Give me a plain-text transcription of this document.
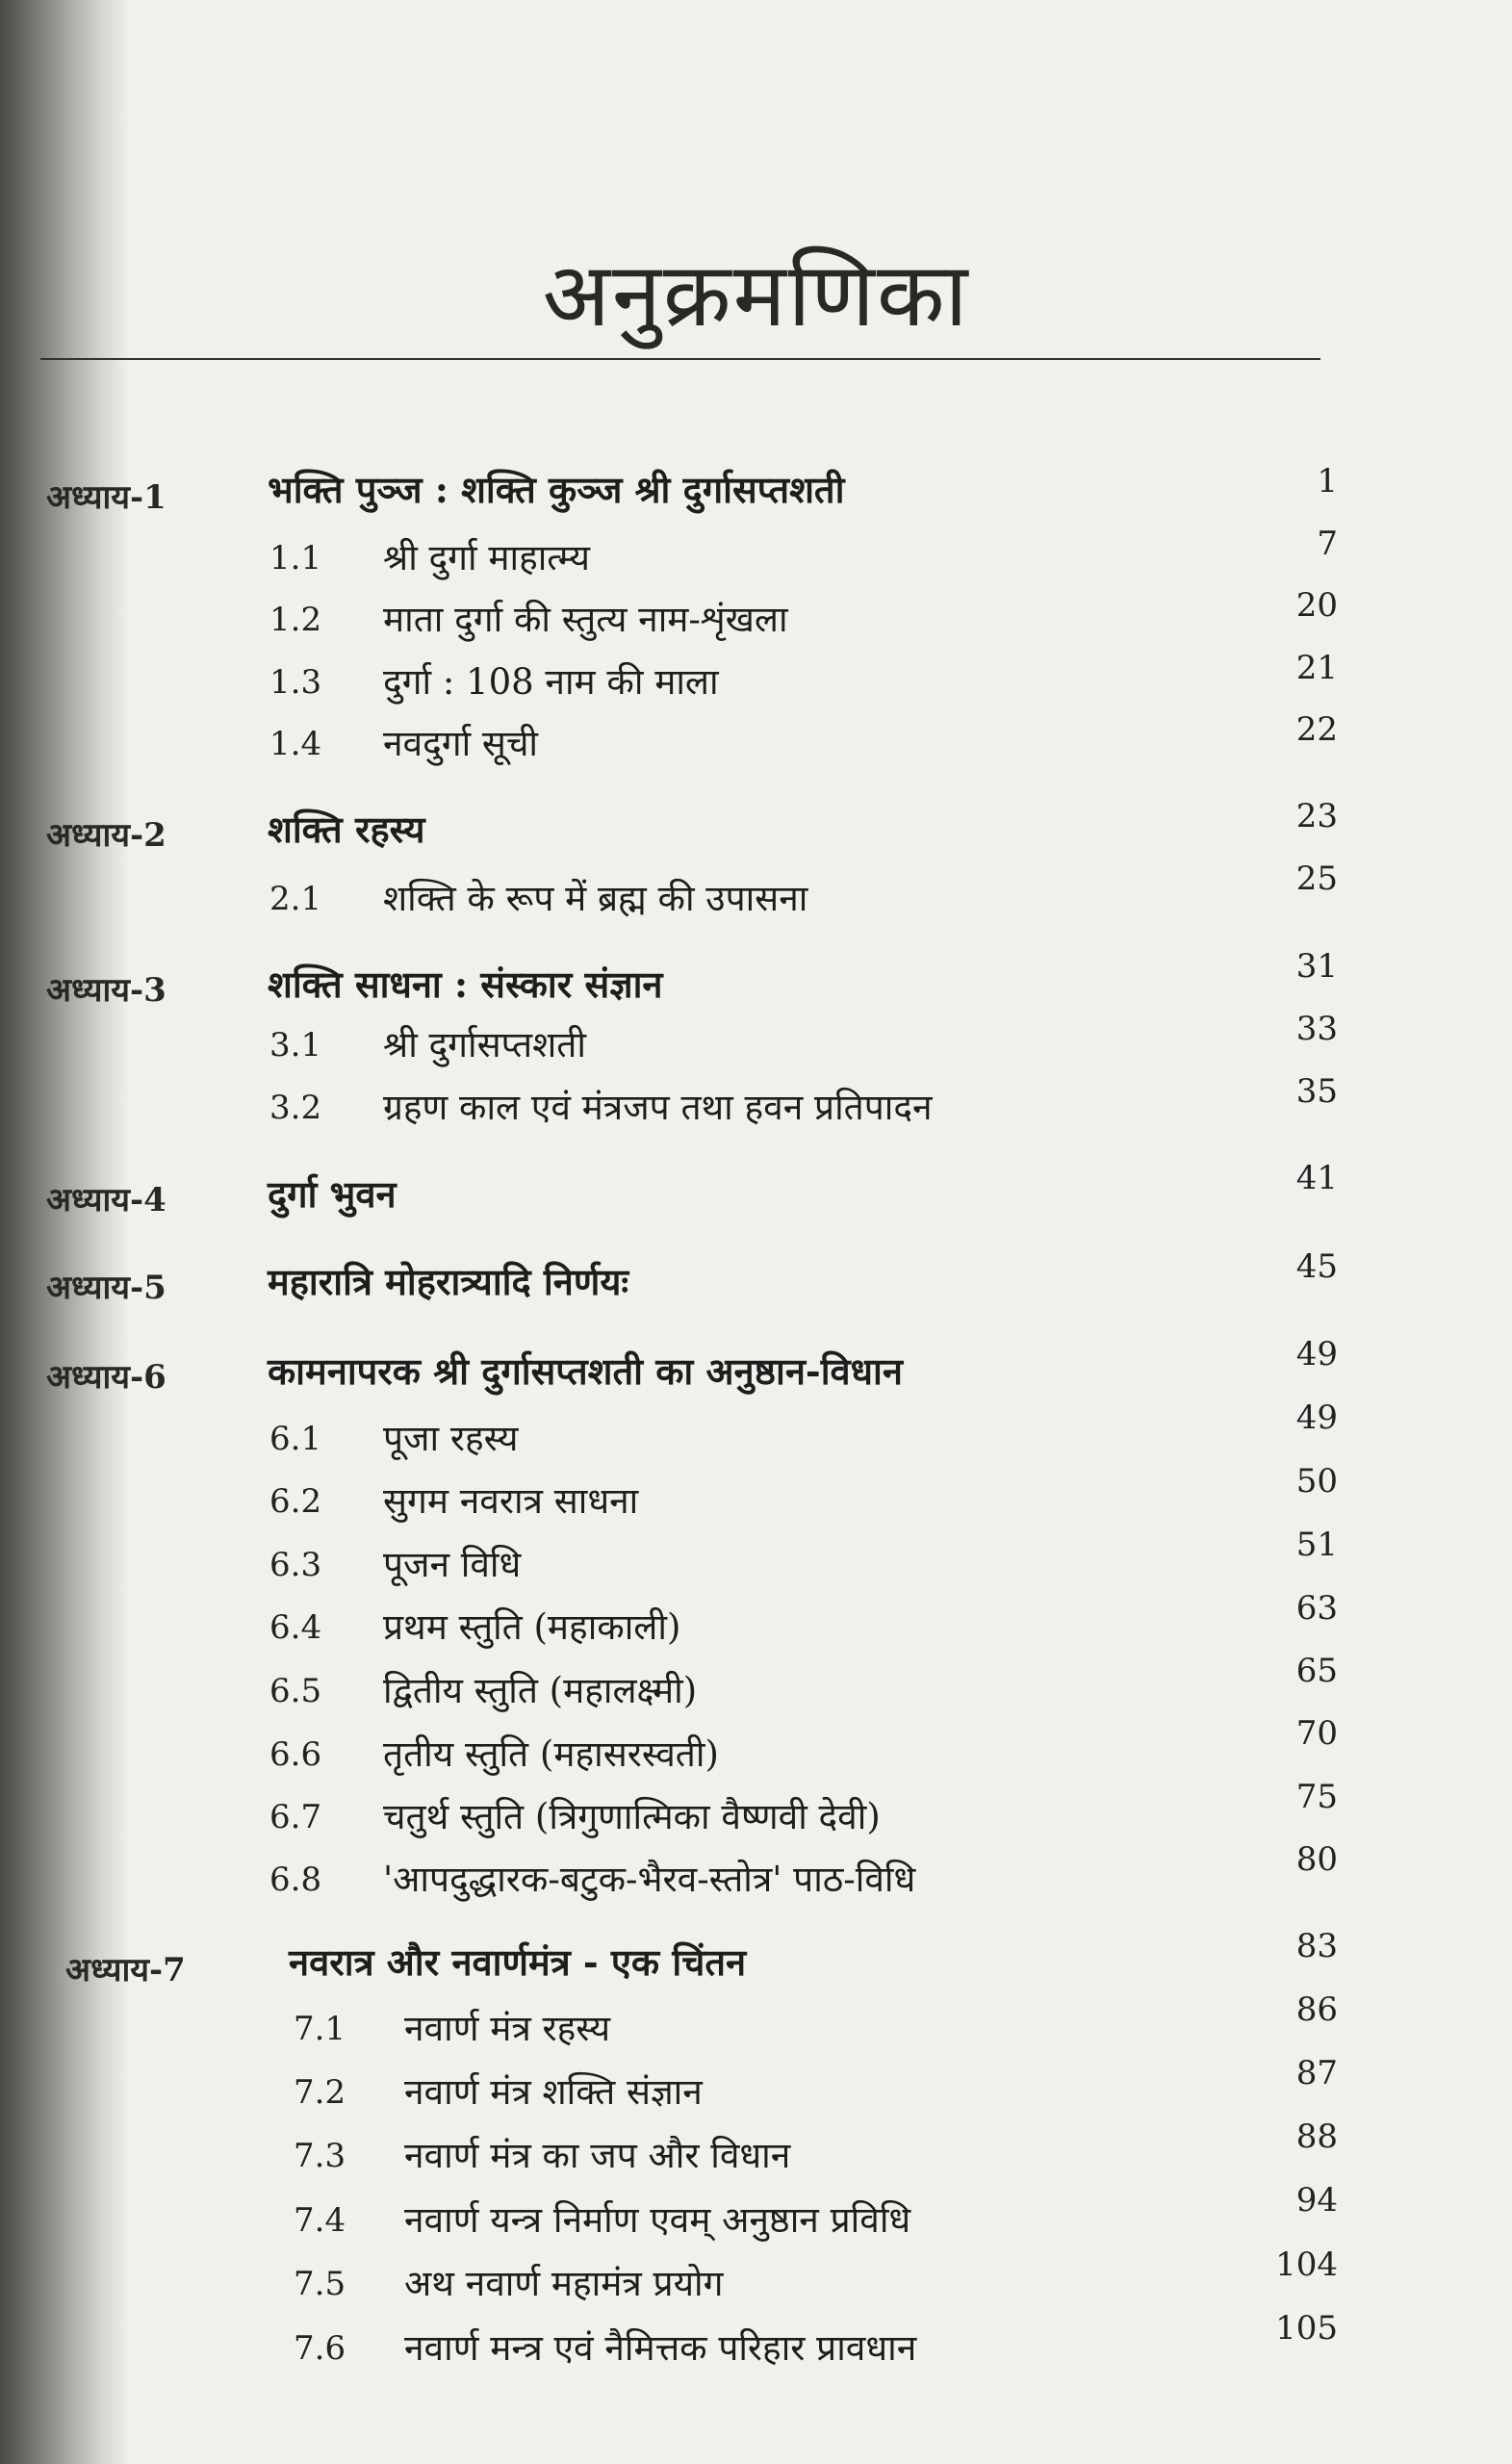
अनुक्रमणिका
अध्याय-1	भक्ति पुञ्ज : शक्ति कुञ्ज श्री दुर्गासप्तशती	1
1.1	श्री दुर्गा माहात्म्य	7
1.2	माता दुर्गा की स्तुत्य नाम-शृंखला	20
1.3	दुर्गा : 108 नाम की माला	21
1.4	नवदुर्गा सूची	22
अध्याय-2	शक्ति रहस्य	23
2.1	शक्ति के रूप में ब्रह्म की उपासना	25
अध्याय-3	शक्ति साधना : संस्कार संज्ञान	31
3.1	श्री दुर्गासप्तशती	33
3.2	ग्रहण काल एवं मंत्रजप तथा हवन प्रतिपादन	35
अध्याय-4	दुर्गा भुवन	41
अध्याय-5	महारात्रि मोहरात्र्यादि निर्णयः	45
अध्याय-6	कामनापरक श्री दुर्गासप्तशती का अनुष्ठान-विधान	49
6.1	पूजा रहस्य	49
6.2	सुगम नवरात्र साधना	50
6.3	पूजन विधि	51
6.4	प्रथम स्तुति (महाकाली)	63
6.5	द्वितीय स्तुति (महालक्ष्मी)	65
6.6	तृतीय स्तुति (महासरस्वती)	70
6.7	चतुर्थ स्तुति (त्रिगुणात्मिका वैष्णवी देवी)	75
6.8	'आपदुद्धारक-बटुक-भैरव-स्तोत्र' पाठ-विधि	80
अध्याय-7	नवरात्र और नवार्णमंत्र - एक चिंतन	83
7.1	नवार्ण मंत्र रहस्य	86
7.2	नवार्ण मंत्र शक्ति संज्ञान	87
7.3	नवार्ण मंत्र का जप और विधान	88
7.4	नवार्ण यन्त्र निर्माण एवम् अनुष्ठान प्रविधि	94
7.5	अथ नवार्ण महामंत्र प्रयोग	104
7.6	नवार्ण मन्त्र एवं नैमित्तक परिहार प्रावधान	105
